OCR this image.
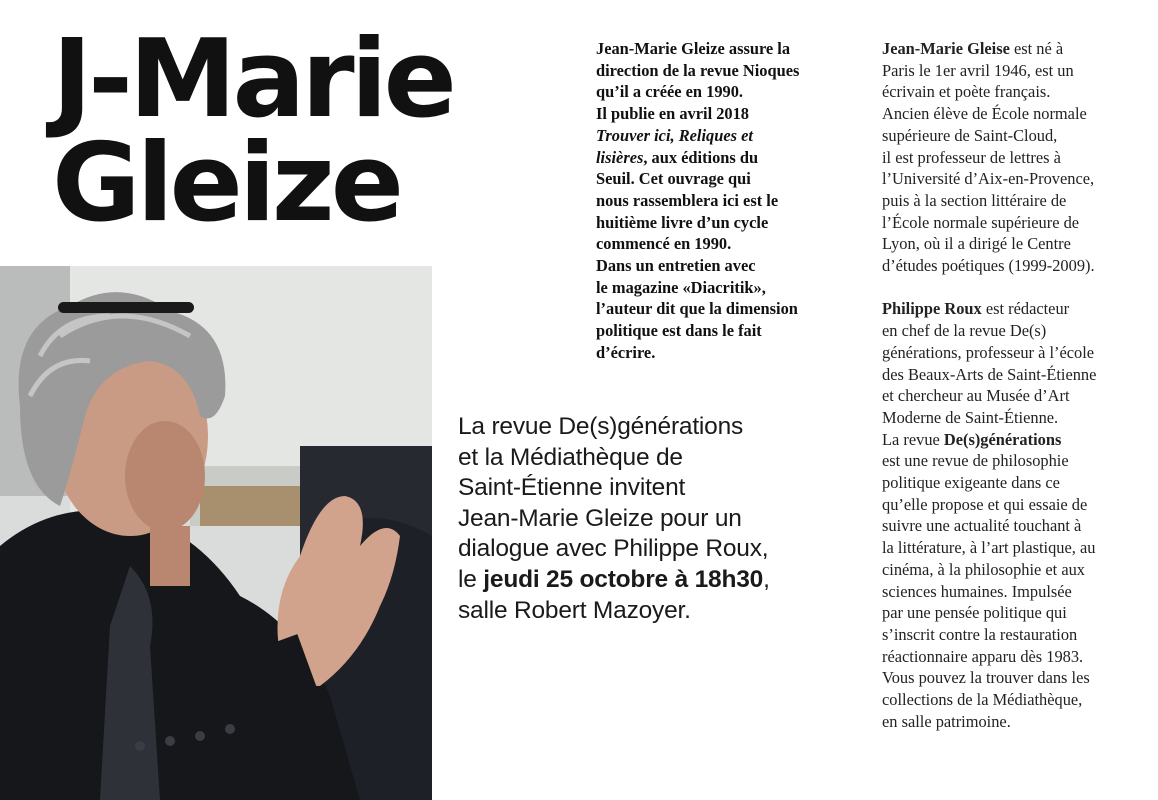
J-Marie
Gleize

Jean-Marie Gleize assure la

direction de la revue Nioques

qu’il a créée en 1990.

Il publie en avril 2018

Trouver ici, Reliques et

lisières, aux éditions du

Seuil. Cet ouvrage qui

nous rassemblera ici est le

huitième livre d’un cycle

commencé en 1990.

Dans un entretien avec

le magazine «Diacritik»,

l’auteur dit que la dimension

politique est dans le fait

d’écrire.

Jean-Marie Gleise est né à

Paris le 1er avril 1946, est un

écrivain et poète français.

Ancien élève de École normale

supérieure de Saint-Cloud,

il est professeur de lettres à

l’Université d’Aix-en-Provence,

puis à la section littéraire de

l’École normale supérieure de

Lyon, où il a dirigé le Centre

d’études poétiques (1999-2009).

Philippe Roux est rédacteur

en chef de la revue De(s)

générations, professeur à l’école

des Beaux-Arts de Saint-Étienne

et chercheur au Musée d’Art

Moderne de Saint-Étienne.

La revue De(s)générations

est une revue de philosophie

politique exigeante dans ce

qu’elle propose et qui essaie de

suivre une actualité touchant à

la littérature, à l’art plastique, au

cinéma, à la philosophie et aux

sciences humaines. Impulsée

par une pensée politique qui

s’inscrit contre la restauration

réactionnaire apparu dès 1983.

Vous pouvez la trouver dans les

collections de la Médiathèque,

en salle patrimoine.

La revue De(s)générations
et la Médiathèque de
Saint-Étienne invitent
Jean-Marie Gleize pour un
dialogue avec Philippe Roux,
le jeudi 25 octobre à 18h30,
salle Robert Mazoyer.
